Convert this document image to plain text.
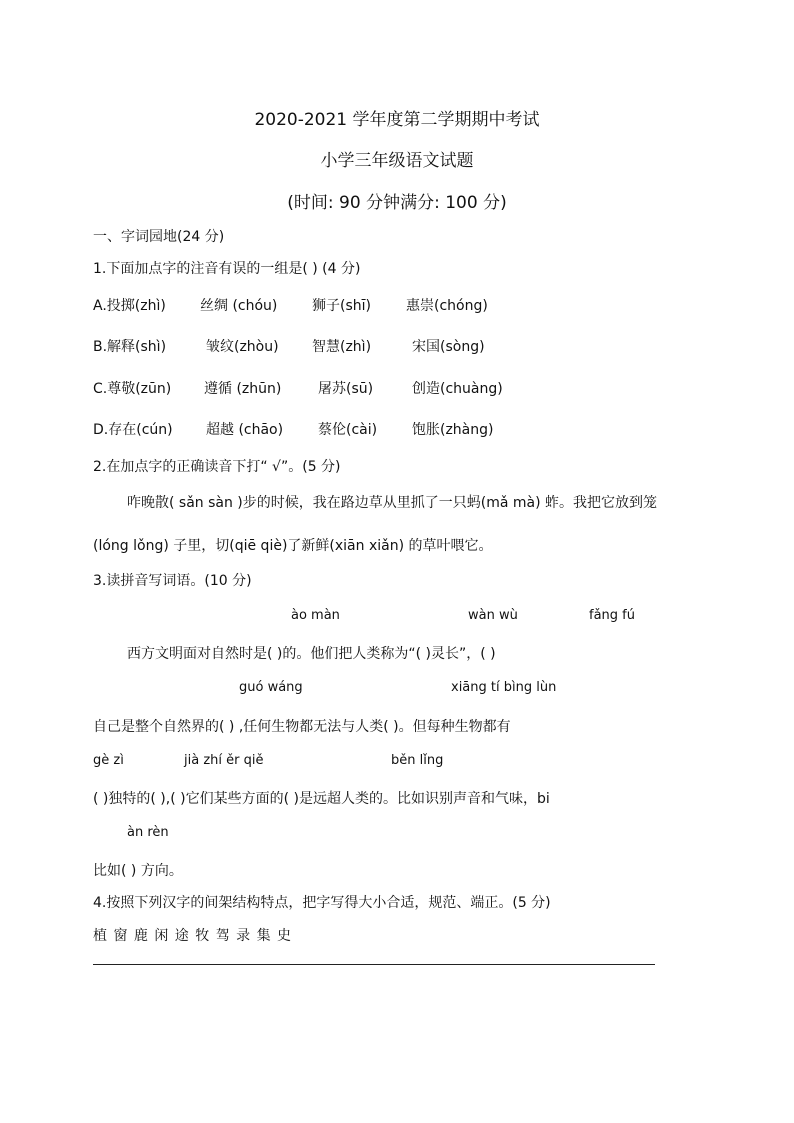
2020-2021 学年度第二学期期中考试
小学三年级语文试题
(时间: 90 分钟满分: 100 分)
一、字词园地(24 分)
1.下面加点字的注音有误的一组是( ) (4 分)
A.投掷(zhì) 丝绸 (chóu) 狮子(shī)	惠崇(chóng)
B.解释(shì)	皱纹(zhòu) 智慧(zhì)	宋国(sòng)
C.尊敬(zūn) 遵循 (zhūn)	屠苏(sū)	创造(chuàng)
D.存在(cún) 超越 (chāo) 蔡伦(cài) 饱胀(zhàng)
2.在加点字的正确读音下打“ √”。(5 分)
咋晚散( sǎn sàn )步的时候，我在路边草从里抓了一只蚂(mǎ mà) 蚱。我把它放到笼
(lóng lǒng) 子里，切(qiē qiè)了新鲜(xiān xiǎn) 的草叶喂它。
3.读拼音写词语。(10 分)
ào màn	wàn wù	fǎng fú
西方文明面对自然时是( )的。他们把人类称为“( )灵长”，( )
guó wáng	xiāng tí bìng lùn
自己是整个自然界的( ) ,任何生物都无法与人类( )。但每种生物都有
gè zì	jià zhí ěr qiě	běn lǐng
( )独特的( ),( )它们某些方面的( )是远超人类的。比如识别声音和气味，bi
àn rèn
比如( ) 方向。
4.按照下列汉字的间架结构特点，把字写得大小合适，规范、端正。(5 分)
植 窗 鹿 闲 途 牧 驾 录 集 史
